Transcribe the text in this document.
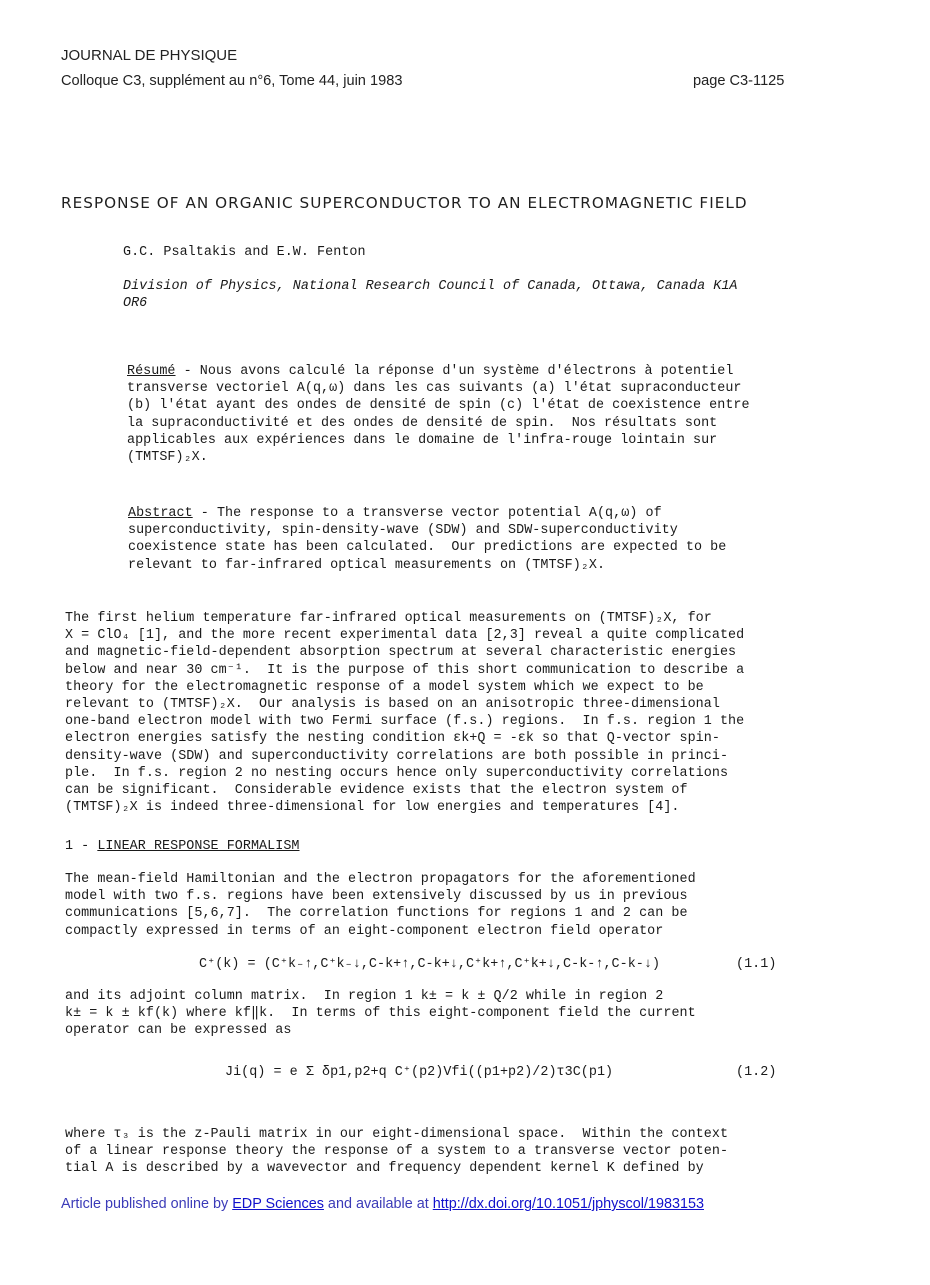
JOURNAL DE PHYSIQUE
Colloque C3, supplément au n°6, Tome 44, juin 1983	page C3-1125
RESPONSE OF AN ORGANIC SUPERCONDUCTOR TO AN ELECTROMAGNETIC FIELD
G.C. Psaltakis and E.W. Fenton
Division of Physics, National Research Council of Canada, Ottawa, Canada K1A OR6
Résumé - Nous avons calculé la réponse d'un système d'électrons à potentiel
transverse vectoriel A(q,ω) dans les cas suivants (a) l'état supraconducteur
(b) l'état ayant des ondes de densité de spin (c) l'état de coexistence entre
la supraconductivité et des ondes de densité de spin.  Nos résultats sont
applicables aux expériences dans le domaine de l'infra-rouge lointain sur
(TMTSF)₂X.
Abstract - The response to a transverse vector potential A(q,ω) of
superconductivity, spin-density-wave (SDW) and SDW-superconductivity
coexistence state has been calculated.  Our predictions are expected to be
relevant to far-infrared optical measurements on (TMTSF)₂X.
The first helium temperature far-infrared optical measurements on (TMTSF)₂X, for
X = ClO₄ [1], and the more recent experimental data [2,3] reveal a quite complicated
and magnetic-field-dependent absorption spectrum at several characteristic energies
below and near 30 cm⁻¹.  It is the purpose of this short communication to describe a
theory for the electromagnetic response of a model system which we expect to be
relevant to (TMTSF)₂X.  Our analysis is based on an anisotropic three-dimensional
one-band electron model with two Fermi surface (f.s.) regions.  In f.s. region 1 the
electron energies satisfy the nesting condition εk+Q = -εk so that Q-vector spin-
density-wave (SDW) and superconductivity correlations are both possible in princi-
ple.  In f.s. region 2 no nesting occurs hence only superconductivity correlations
can be significant.  Considerable evidence exists that the electron system of
(TMTSF)₂X is indeed three-dimensional for low energies and temperatures [4].
1 - LINEAR RESPONSE FORMALISM
The mean-field Hamiltonian and the electron propagators for the aforementioned
model with two f.s. regions have been extensively discussed by us in previous
communications [5,6,7].  The correlation functions for regions 1 and 2 can be
compactly expressed in terms of an eight-component electron field operator
C⁺(k) = (C⁺k₋↑,C⁺k₋↓,C-k+↑,C-k+↓,C⁺k+↑,C⁺k+↓,C-k-↑,C-k-↓)	(1.1)
and its adjoint column matrix.  In region 1 k± = k ± Q/2 while in region 2
k± = k ± kf(k) where kf‖k.  In terms of this eight-component field the current
operator can be expressed as
Ji(q) = e Σ δp1,p2+q C⁺(p2)Vfi((p1+p2)/2)τ3C(p1)	(1.2)
where τ₃ is the z-Pauli matrix in our eight-dimensional space.  Within the context
of a linear response theory the response of a system to a transverse vector poten-
tial A is described by a wavevector and frequency dependent kernel K defined by
Article published online by EDP Sciences and available at http://dx.doi.org/10.1051/jphyscol/1983153
